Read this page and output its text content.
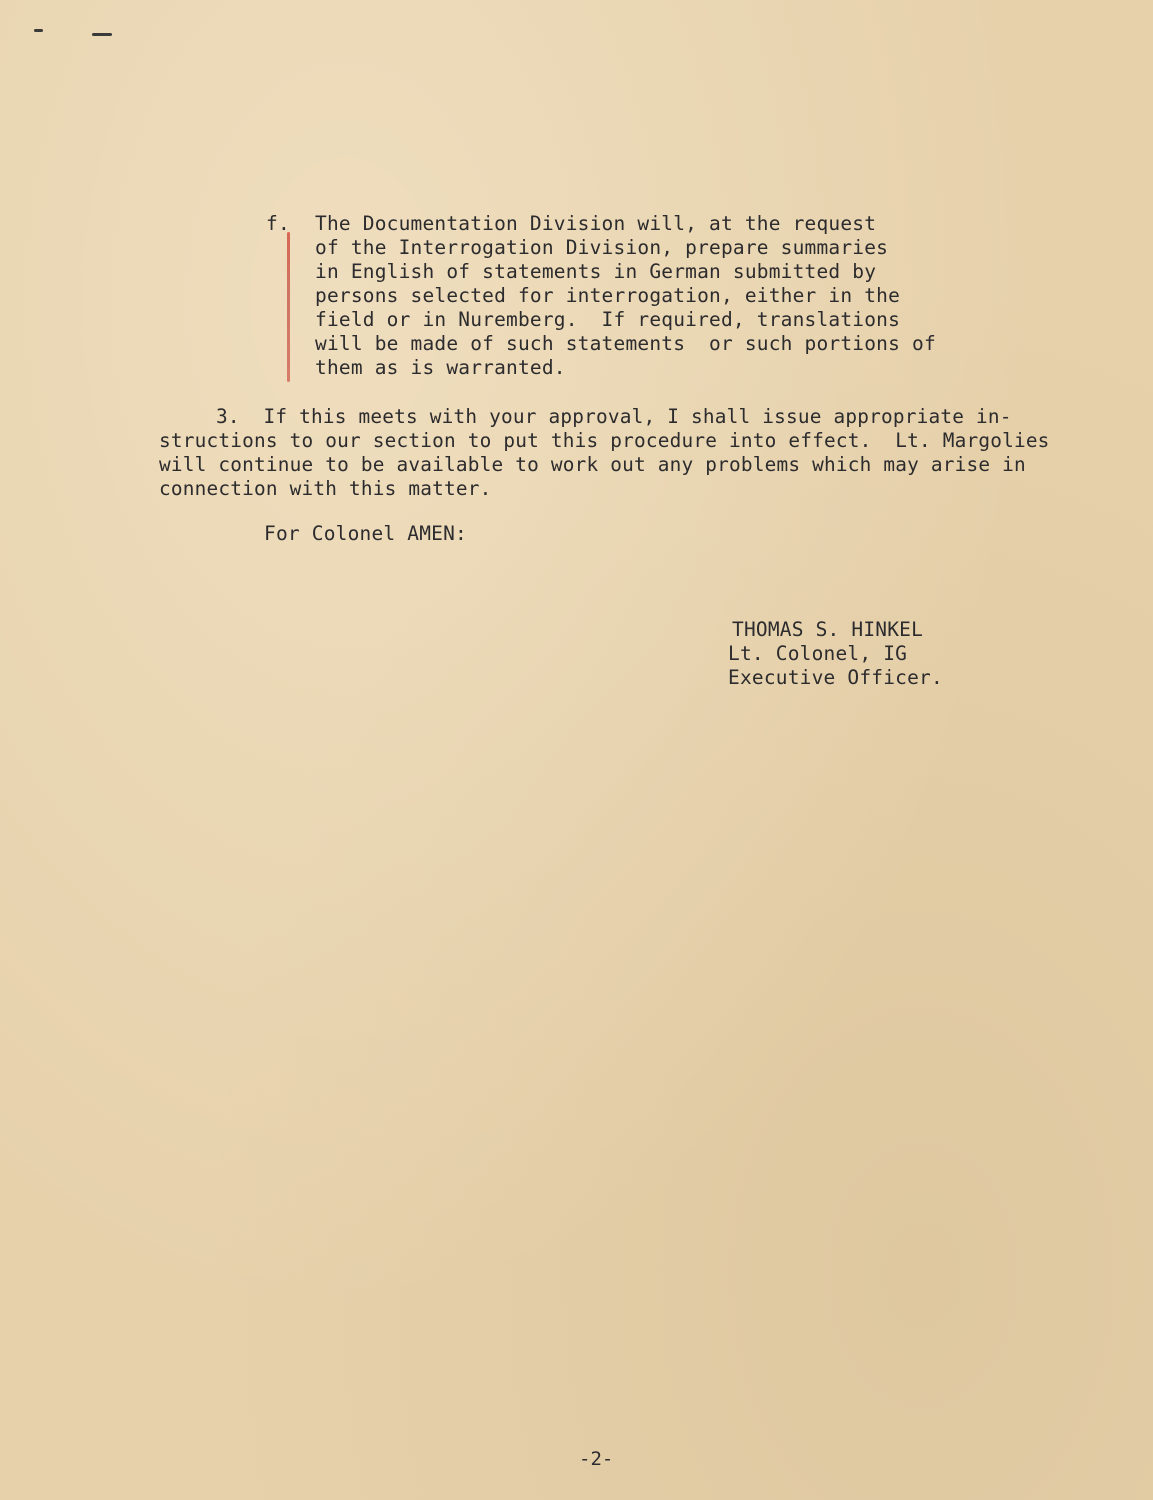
f. The Documentation Division will, at the request
of the Interrogation Division, prepare summaries
in English of statements in German submitted by
persons selected for interrogation, either in the
field or in Nuremberg.  If required, translations
will be made of such statements  or such portions of
them as is warranted.
3.  If this meets with your approval, I shall issue appropriate in-
structions to our section to put this procedure into effect.  Lt. Margolies
will continue to be available to work out any problems which may arise in
connection with this matter.
For Colonel AMEN:
THOMAS S. HINKEL
Lt. Colonel, IG
Executive Officer.
-2-
